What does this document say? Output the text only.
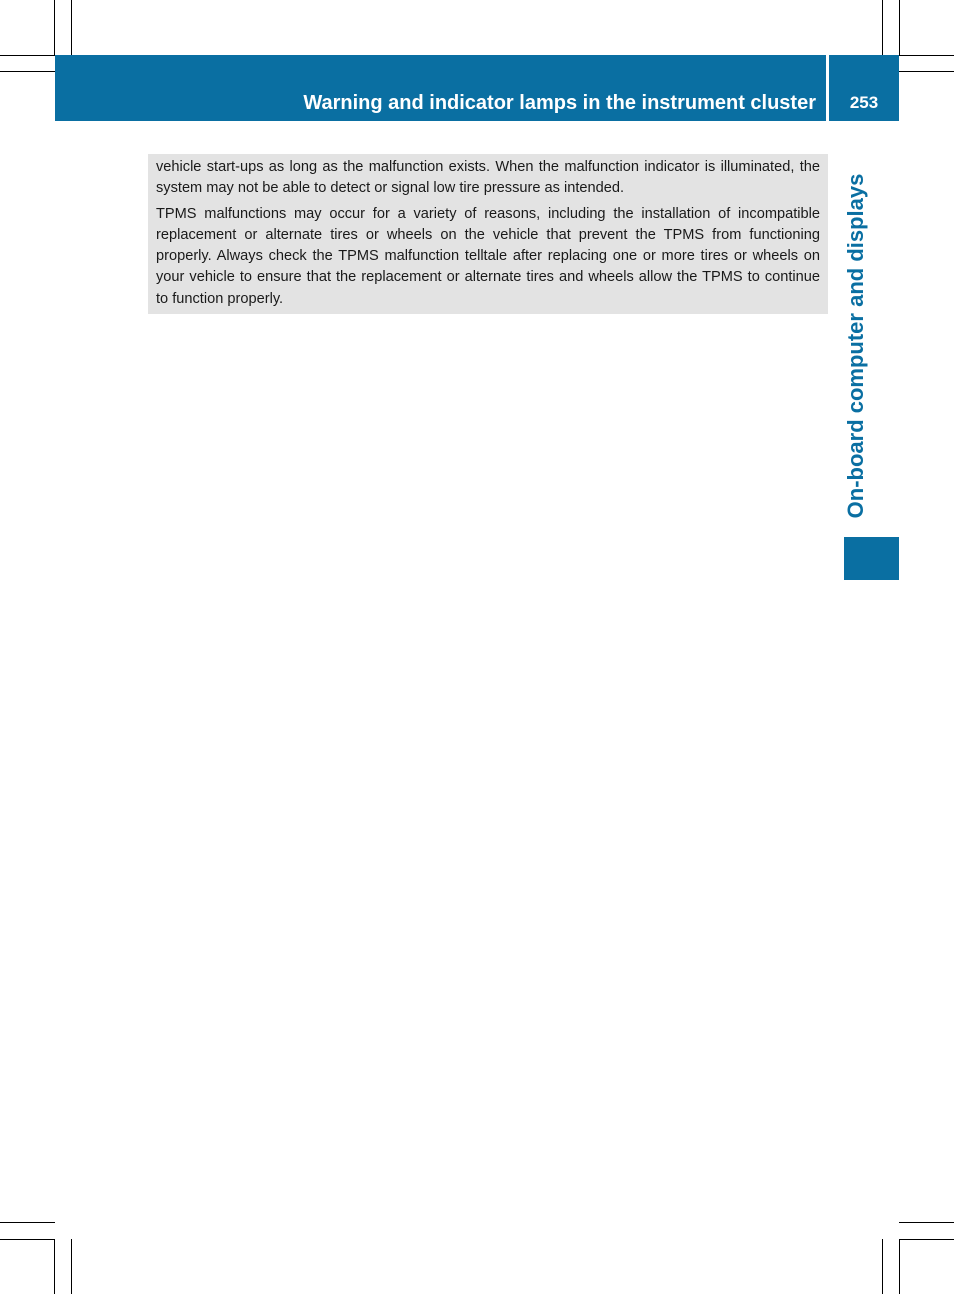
Warning and indicator lamps in the instrument cluster	253
On-board computer and displays

vehicle start-ups as long as the malfunction exists. When the malfunction indicator is illuminated, the system may not be able to detect or signal low tire pressure as intended.

TPMS malfunctions may occur for a variety of reasons, including the installation of incompatible replacement or alternate tires or wheels on the vehicle that prevent the TPMS from functioning properly. Always check the TPMS malfunction telltale after replacing one or more tires or wheels on your vehicle to ensure that the replacement or alternate tires and wheels allow the TPMS to continue to function properly.
